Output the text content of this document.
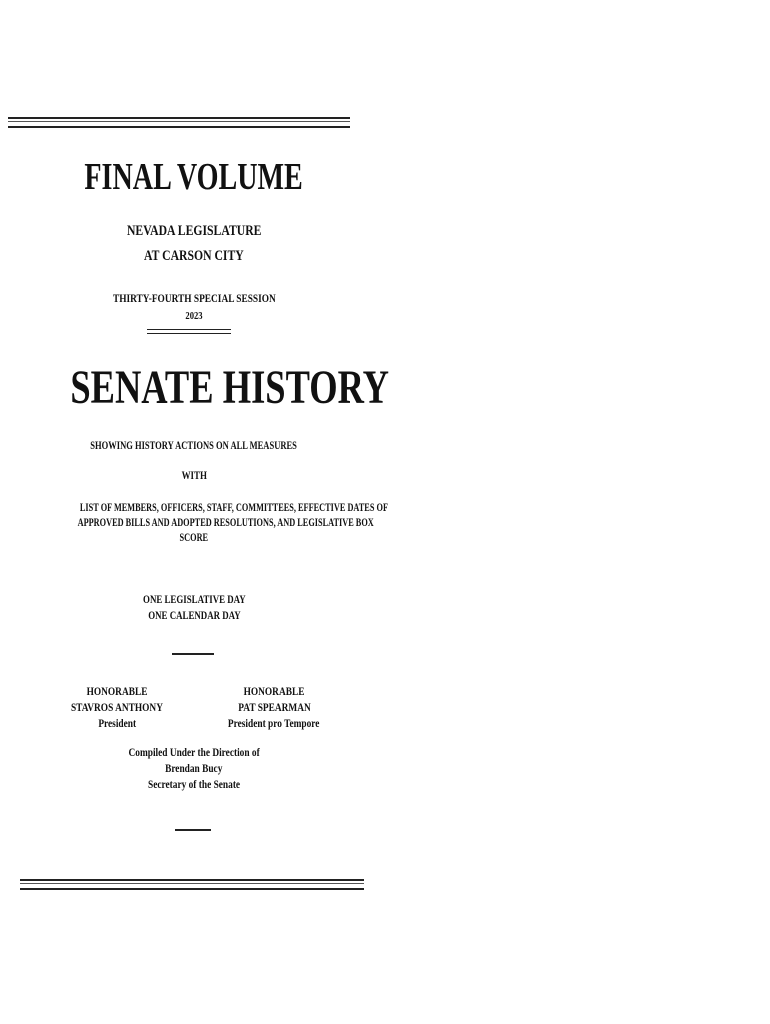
FINAL VOLUME
NEVADA LEGISLATURE
AT CARSON CITY
THIRTY-FOURTH SPECIAL SESSION
2023
SENATE HISTORY
SHOWING HISTORY ACTIONS ON ALL MEASURES
WITH
LIST OF MEMBERS, OFFICERS, STAFF, COMMITTEES, EFFECTIVE DATES OF
APPROVED BILLS AND ADOPTED RESOLUTIONS, AND LEGISLATIVE BOX
SCORE
ONE LEGISLATIVE DAY
ONE CALENDAR DAY
HONORABLE
STAVROS ANTHONY
President
HONORABLE
PAT SPEARMAN
President pro Tempore
Compiled Under the Direction of
Brendan Bucy
Secretary of the Senate
